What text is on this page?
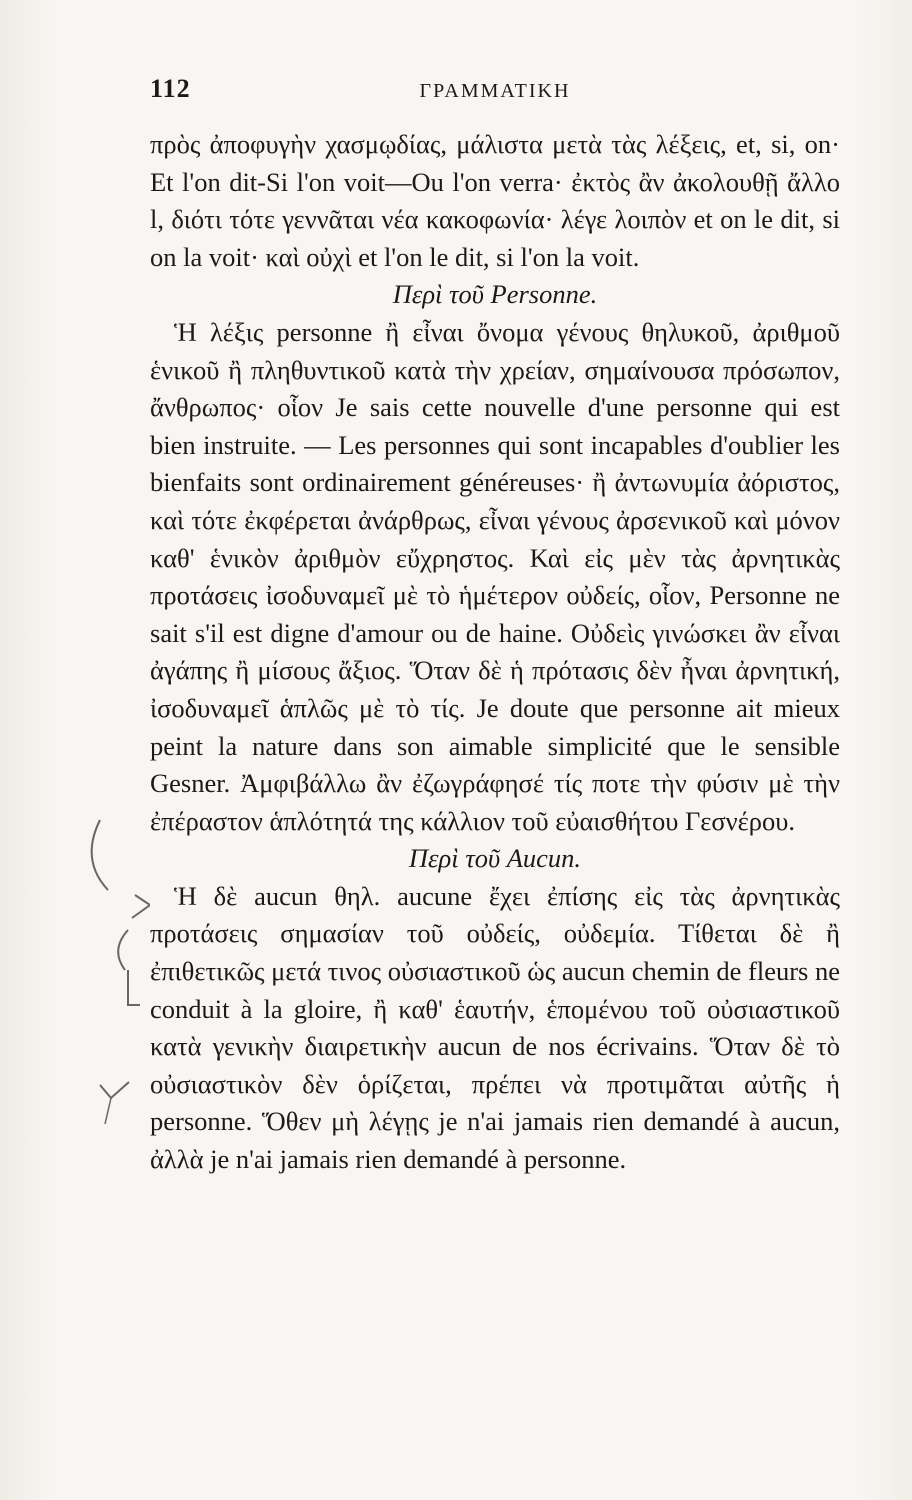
112	ΓΡΑΜΜΑΤΙΚΗ

πρὸς ἀποφυγὴν χασμῳδίας, μάλιστα μετὰ τὰς λέξεις, et, si, on· Et l'on dit-Si l'on voit—Ou l'on verra· ἐκτὸς ἂν ἀκολουθῇ ἄλλο l, διότι τότε γεννᾶται νέα κακοφωνία· λέγε λοιπὸν et on le dit, si on la voit· καὶ οὐχὶ et l'on le dit, si l'on la voit.

Περὶ τοῦ Personne.

Ἡ λέξις personne ἢ εἶναι ὄνομα γένους θηλυκοῦ, ἀριθμοῦ ἑνικοῦ ἢ πληθυντικοῦ κατὰ τὴν χρείαν, σημαίνουσα πρόσωπον, ἄνθρωπος· οἷον Je sais cette nouvelle d'une personne qui est bien instruite. — Les personnes qui sont incapables d'oublier les bienfaits sont ordinairement généreuses· ἢ ἀντωνυμία ἀόριστος, καὶ τότε ἐκφέρεται ἀνάρθρως, εἶναι γένους ἀρσενικοῦ καὶ μόνον καθ' ἑνικὸν ἀριθμὸν εὔχρηστος. Καὶ εἰς μὲν τὰς ἀρνητικὰς προτάσεις ἰσοδυναμεῖ μὲ τὸ ἡμέτερον οὐδείς, οἷον, Personne ne sait s'il est digne d'amour ou de haine. Οὐδεὶς γινώσκει ἂν εἶναι ἀγάπης ἢ μίσους ἄξιος. Ὅταν δὲ ἡ πρότασις δὲν ἦναι ἀρνητική, ἰσοδυναμεῖ ἁπλῶς μὲ τὸ τίς. Je doute que personne ait mieux peint la nature dans son aimable simplicité que le sensible Gesner. Ἀμφιβάλλω ἂν ἐζωγράφησέ τίς ποτε τὴν φύσιν μὲ τὴν ἐπέραστον ἁπλότητά της κάλλιον τοῦ εὐαισθήτου Γεσνέρου.

Περὶ τοῦ Aucun.

Ἡ δὲ aucun θηλ. aucune ἔχει ἐπίσης εἰς τὰς ἀρνητικὰς προτάσεις σημασίαν τοῦ οὐδείς, οὐδεμία. Τίθεται δὲ ἢ ἐπιθετικῶς μετά τινος οὐσιαστικοῦ ὡς aucun chemin de fleurs ne conduit à la gloire, ἢ καθ' ἑαυτήν, ἑπομένου τοῦ οὐσιαστικοῦ κατὰ γενικὴν διαιρετικὴν aucun de nos écrivains. Ὅταν δὲ τὸ οὐσιαστικὸν δὲν ὁρίζεται, πρέπει νὰ προτιμᾶται αὐτῆς ἡ personne. Ὅθεν μὴ λέγῃς je n'ai jamais rien demandé à aucun, ἀλλὰ je n'ai jamais rien demandé à personne.
